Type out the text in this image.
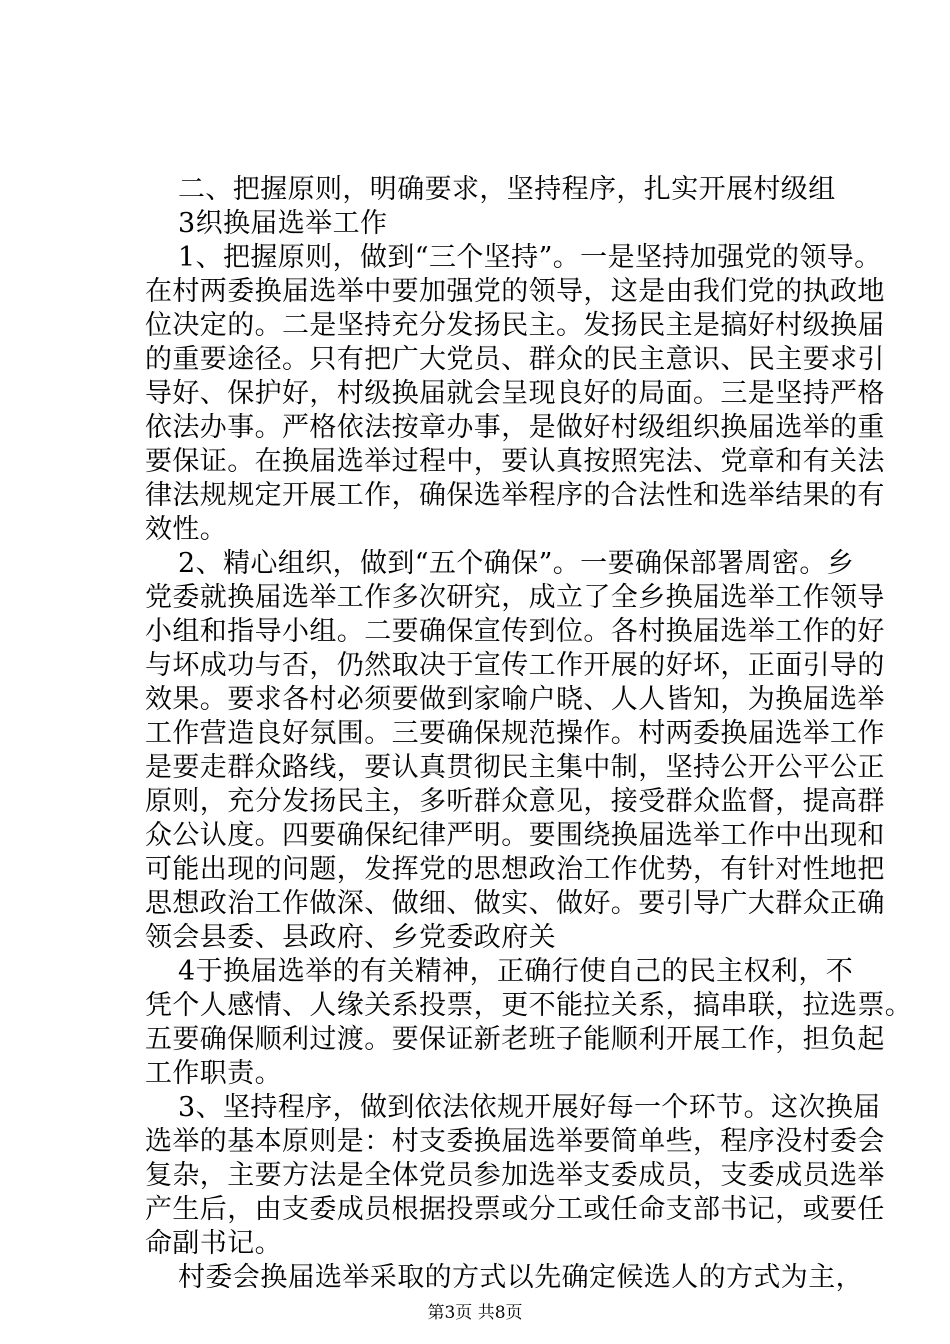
二、把握原则，明确要求，坚持程序，扎实开展村级组
3织换届选举工作
1、把握原则，做到“三个坚持”。一是坚持加强党的领导。
在村两委换届选举中要加强党的领导，这是由我们党的执政地
位决定的。二是坚持充分发扬民主。发扬民主是搞好村级换届
的重要途径。只有把广大党员、群众的民主意识、民主要求引
导好、保护好，村级换届就会呈现良好的局面。三是坚持严格
依法办事。严格依法按章办事，是做好村级组织换届选举的重
要保证。在换届选举过程中，要认真按照宪法、党章和有关法
律法规规定开展工作，确保选举程序的合法性和选举结果的有
效性。
2、精心组织，做到“五个确保”。一要确保部署周密。乡
党委就换届选举工作多次研究，成立了全乡换届选举工作领导
小组和指导小组。二要确保宣传到位。各村换届选举工作的好
与坏成功与否，仍然取决于宣传工作开展的好坏，正面引导的
效果。要求各村必须要做到家喻户晓、人人皆知，为换届选举
工作营造良好氛围。三要确保规范操作。村两委换届选举工作
是要走群众路线，要认真贯彻民主集中制，坚持公开公平公正
原则，充分发扬民主，多听群众意见，接受群众监督，提高群
众公认度。四要确保纪律严明。要围绕换届选举工作中出现和
可能出现的问题，发挥党的思想政治工作优势，有针对性地把
思想政治工作做深、做细、做实、做好。要引导广大群众正确
领会县委、县政府、乡党委政府关
4于换届选举的有关精神，正确行使自己的民主权利，不
凭个人感情、人缘关系投票，更不能拉关系，搞串联，拉选票。
五要确保顺利过渡。要保证新老班子能顺利开展工作，担负起
工作职责。
3、坚持程序，做到依法依规开展好每一个环节。这次换届
选举的基本原则是：村支委换届选举要简单些，程序没村委会
复杂，主要方法是全体党员参加选举支委成员，支委成员选举
产生后，由支委成员根据投票或分工或任命支部书记，或要任
命副书记。
村委会换届选举采取的方式以先确定候选人的方式为主，
第3页 共8页
